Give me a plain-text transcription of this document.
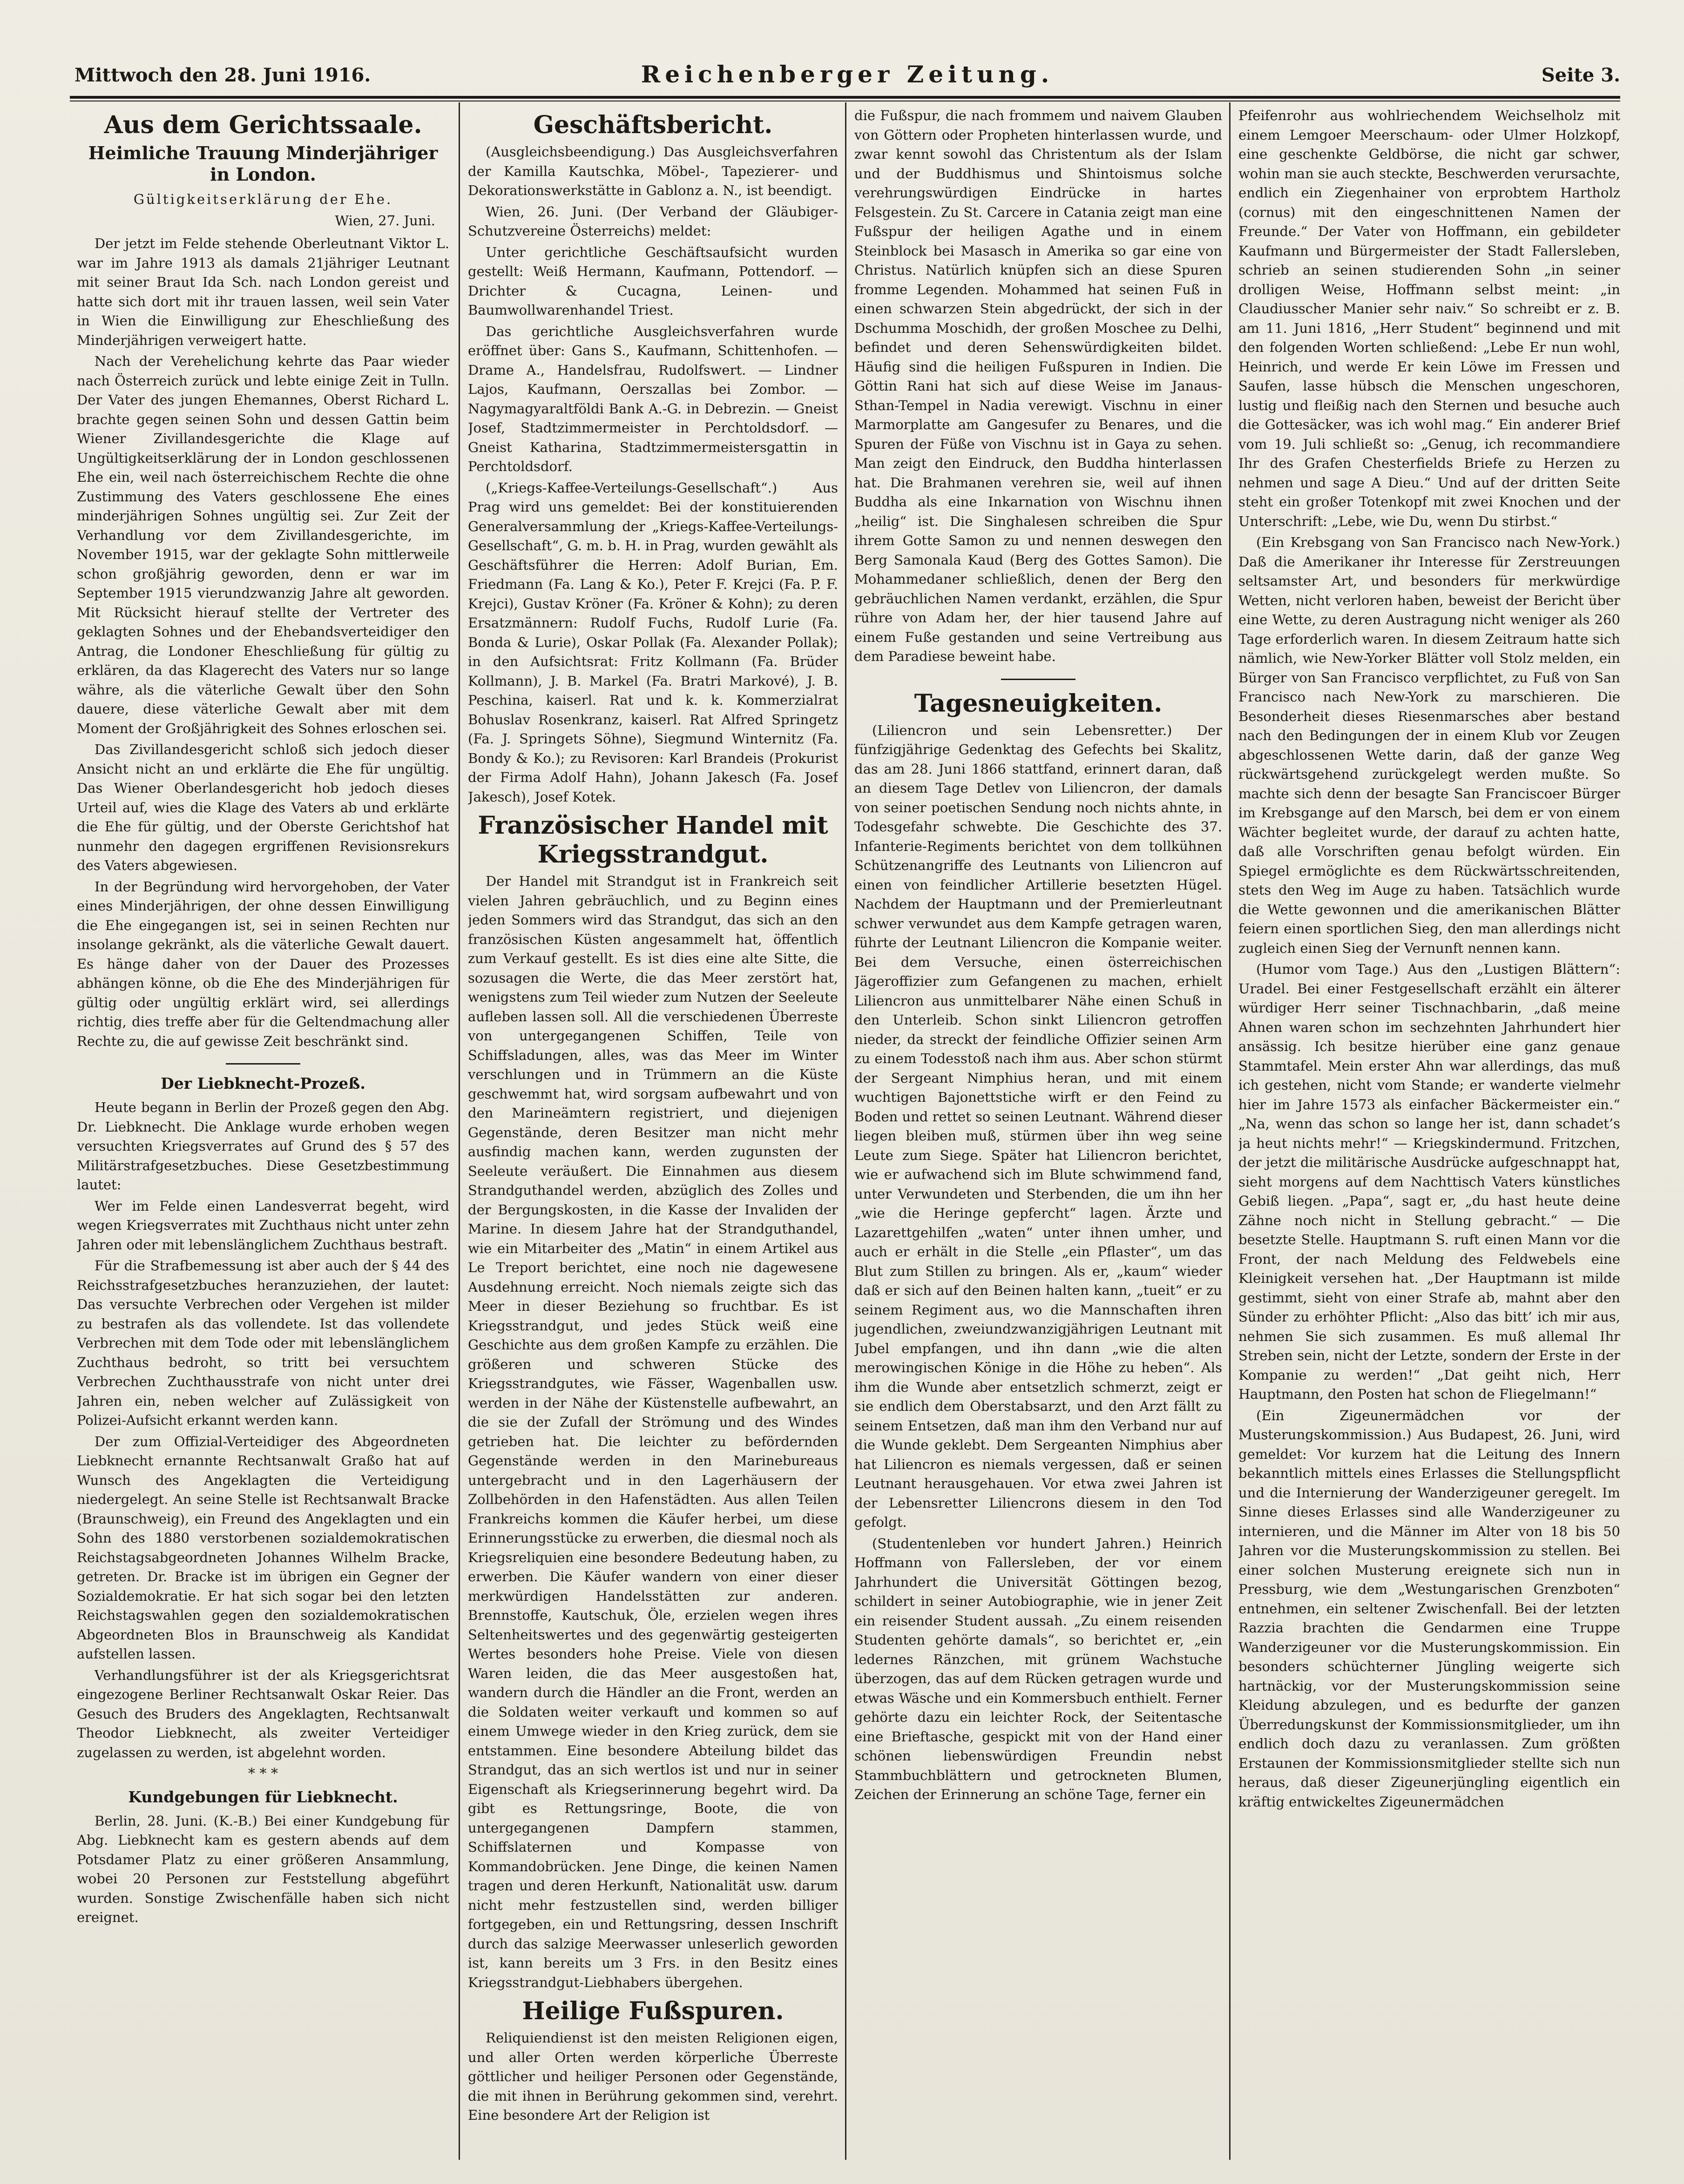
Mittwoch den 28. Juni 1916.	Reichenberger Zeitung.	Seite 3.
Aus dem Gerichtssaale.
Heimliche Trauung Minderjähriger in London.
Gültigkeitserklärung der Ehe.
Wien, 27. Juni.

Der jetzt im Felde stehende Oberleutnant Viktor L. war im Jahre 1913 als damals 21jähriger Leutnant mit seiner Braut Ida Sch. nach London gereist und hatte sich dort mit ihr trauen lassen, weil sein Vater in Wien die Einwilligung zur Eheschließung des Minderjährigen verweigert hatte.

Nach der Verehelichung kehrte das Paar wieder nach Österreich zurück und lebte einige Zeit in Tulln. Der Vater des jungen Ehemannes, Oberst Richard L. brachte gegen seinen Sohn und dessen Gattin beim Wiener Zivillandesgerichte die Klage auf Ungültigkeitserklärung der in London geschlossenen Ehe ein, weil nach österreichischem Rechte die ohne Zustimmung des Vaters geschlossene Ehe eines minderjährigen Sohnes ungültig sei. Zur Zeit der Verhandlung vor dem Zivillandesgerichte, im November 1915, war der geklagte Sohn mittlerweile schon großjährig geworden, denn er war im September 1915 vierundzwanzig Jahre alt geworden. Mit Rücksicht hierauf stellte der Vertreter des geklagten Sohnes und der Ehebandsverteidiger den Antrag, die Londoner Eheschließung für gültig zu erklären, da das Klagerecht des Vaters nur so lange währe, als die väterliche Gewalt über den Sohn dauere, diese väterliche Gewalt aber mit dem Moment der Großjährigkeit des Sohnes erloschen sei.

Das Zivillandesgericht schloß sich jedoch dieser Ansicht nicht an und erklärte die Ehe für ungültig. Das Wiener Oberlandesgericht hob jedoch dieses Urteil auf, wies die Klage des Vaters ab und erklärte die Ehe für gültig, und der Oberste Gerichtshof hat nunmehr den dagegen ergriffenen Revisionsrekurs des Vaters abgewiesen.

In der Begründung wird hervorgehoben, der Vater eines Minderjährigen, der ohne dessen Einwilligung die Ehe eingegangen ist, sei in seinen Rechten nur insolange gekränkt, als die väterliche Gewalt dauert. Es hänge daher von der Dauer des Prozesses abhängen könne, ob die Ehe des Minderjährigen für gültig oder ungültig erklärt wird, sei allerdings richtig, dies treffe aber für die Geltendmachung aller Rechte zu, die auf gewisse Zeit beschränkt sind.

Der Liebknecht-Prozeß.

Heute begann in Berlin der Prozeß gegen den Abg. Dr. Liebknecht. Die Anklage wurde erhoben wegen versuchten Kriegsverrates auf Grund des § 57 des Militärstrafgesetzbuches. Diese Gesetzbestimmung lautet:

Wer im Felde einen Landesverrat begeht, wird wegen Kriegsverrates mit Zuchthaus nicht unter zehn Jahren oder mit lebenslänglichem Zuchthaus bestraft.

Für die Strafbemessung ist aber auch der § 44 des Reichsstrafgesetzbuches heranzuziehen, der lautet: Das versuchte Verbrechen oder Vergehen ist milder zu bestrafen als das vollendete. Ist das vollendete Verbrechen mit dem Tode oder mit lebenslänglichem Zuchthaus bedroht, so tritt bei versuchtem Verbrechen Zuchthausstrafe von nicht unter drei Jahren ein, neben welcher auf Zulässigkeit von Polizei-Aufsicht erkannt werden kann.

Der zum Offizial-Verteidiger des Abgeordneten Liebknecht ernannte Rechtsanwalt Graßo hat auf Wunsch des Angeklagten die Verteidigung niedergelegt. An seine Stelle ist Rechtsanwalt Bracke (Braunschweig), ein Freund des Angeklagten und ein Sohn des 1880 verstorbenen sozialdemokratischen Reichstagsabgeordneten Johannes Wilhelm Bracke, getreten. Dr. Bracke ist im übrigen ein Gegner der Sozialdemokratie. Er hat sich sogar bei den letzten Reichstagswahlen gegen den sozialdemokratischen Abgeordneten Blos in Braunschweig als Kandidat aufstellen lassen.

Verhandlungsführer ist der als Kriegsgerichtsrat eingezogene Berliner Rechtsanwalt Oskar Reier. Das Gesuch des Bruders des Angeklagten, Rechtsanwalt Theodor Liebknecht, als zweiter Verteidiger zugelassen zu werden, ist abgelehnt worden.

* * *
Kundgebungen für Liebknecht.

Berlin, 28. Juni. (K.-B.) Bei einer Kundgebung für Abg. Liebknecht kam es gestern abends auf dem Potsdamer Platz zu einer größeren Ansammlung, wobei 20 Personen zur Feststellung abgeführt wurden. Sonstige Zwischenfälle haben sich nicht ereignet.

Geschäftsbericht.

(Ausgleichsbeendigung.) Das Ausgleichsverfahren der Kamilla Kautschka, Möbel-, Tapezierer- und Dekorationswerkstätte in Gablonz a. N., ist beendigt.

Wien, 26. Juni. (Der Verband der Gläubiger-Schutzvereine Österreichs) meldet:

Unter gerichtliche Geschäftsaufsicht wurden gestellt: Weiß Hermann, Kaufmann, Pottendorf. — Drichter & Cucagna, Leinen- und Baumwollwarenhandel Triest.

Das gerichtliche Ausgleichsverfahren wurde eröffnet über: Gans S., Kaufmann, Schittenhofen. — Drame A., Handelsfrau, Rudolfswert. — Lindner Lajos, Kaufmann, Oerszallas bei Zombor. — Nagymagyaraltföldi Bank A.-G. in Debrezin. — Gneist Josef, Stadtzimmermeister in Perchtoldsdorf. — Gneist Katharina, Stadtzimmermeistersgattin in Perchtoldsdorf.

(„Kriegs-Kaffee-Verteilungs-Gesellschaft“.) Aus Prag wird uns gemeldet: Bei der konstituierenden Generalversammlung der „Kriegs-Kaffee-Verteilungs-Gesellschaft“, G. m. b. H. in Prag, wurden gewählt als Geschäftsführer die Herren: Adolf Burian, Em. Friedmann (Fa. Lang & Ko.), Peter F. Krejci (Fa. P. F. Krejci), Gustav Kröner (Fa. Kröner & Kohn); zu deren Ersatzmännern: Rudolf Fuchs, Rudolf Lurie (Fa. Bonda & Lurie), Oskar Pollak (Fa. Alexander Pollak); in den Aufsichtsrat: Fritz Kollmann (Fa. Brüder Kollmann), J. B. Markel (Fa. Bratri Markové), J. B. Peschina, kaiserl. Rat und k. k. Kommerzialrat Bohuslav Rosenkranz, kaiserl. Rat Alfred Springetz (Fa. J. Springets Söhne), Siegmund Winternitz (Fa. Bondy & Ko.); zu Revisoren: Karl Brandeis (Prokurist der Firma Adolf Hahn), Johann Jakesch (Fa. Josef Jakesch), Josef Kotek.

Französischer Handel mit Kriegsstrandgut.

Der Handel mit Strandgut ist in Frankreich seit vielen Jahren gebräuchlich, und zu Beginn eines jeden Sommers wird das Strandgut, das sich an den französischen Küsten angesammelt hat, öffentlich zum Verkauf gestellt. Es ist dies eine alte Sitte, die sozusagen die Werte, die das Meer zerstört hat, wenigstens zum Teil wieder zum Nutzen der Seeleute aufleben lassen soll. All die verschiedenen Überreste von untergegangenen Schiffen, Teile von Schiffsladungen, alles, was das Meer im Winter verschlungen und in Trümmern an die Küste geschwemmt hat, wird sorgsam aufbewahrt und von den Marineämtern registriert, und diejenigen Gegenstände, deren Besitzer man nicht mehr ausfindig machen kann, werden zugunsten der Seeleute veräußert. Die Einnahmen aus diesem Strandguthandel werden, abzüglich des Zolles und der Bergungskosten, in die Kasse der Invaliden der Marine. In diesem Jahre hat der Strandguthandel, wie ein Mitarbeiter des „Matin“ in einem Artikel aus Le Treport berichtet, eine noch nie dagewesene Ausdehnung erreicht. Noch niemals zeigte sich das Meer in dieser Beziehung so fruchtbar. Es ist Kriegsstrandgut, und jedes Stück weiß eine Geschichte aus dem großen Kampfe zu erzählen. Die größeren und schweren Stücke des Kriegsstrandgutes, wie Fässer, Wagenballen usw. werden in der Nähe der Küstenstelle aufbewahrt, an die sie der Zufall der Strömung und des Windes getrieben hat. Die leichter zu befördernden Gegenstände werden in den Marinebureaus untergebracht und in den Lagerhäusern der Zollbehörden in den Hafenstädten. Aus allen Teilen Frankreichs kommen die Käufer herbei, um diese Erinnerungsstücke zu erwerben, die diesmal noch als Kriegsreliquien eine besondere Bedeutung haben, zu erwerben. Die Käufer wandern von einer dieser merkwürdigen Handelsstätten zur anderen. Brennstoffe, Kautschuk, Öle, erzielen wegen ihres Seltenheitswertes und des gegenwärtig gesteigerten Wertes besonders hohe Preise. Viele von diesen Waren leiden, die das Meer ausgestoßen hat, wandern durch die Händler an die Front, werden an die Soldaten weiter verkauft und kommen so auf einem Umwege wieder in den Krieg zurück, dem sie entstammen. Eine besondere Abteilung bildet das Strandgut, das an sich wertlos ist und nur in seiner Eigenschaft als Kriegserinnerung begehrt wird. Da gibt es Rettungsringe, Boote, die von untergegangenen Dampfern stammen, Schiffslaternen und Kompasse von Kommandobrücken. Jene Dinge, die keinen Namen tragen und deren Herkunft, Nationalität usw. darum nicht mehr festzustellen sind, werden billiger fortgegeben, ein und Rettungsring, dessen Inschrift durch das salzige Meerwasser unleserlich geworden ist, kann bereits um 3 Frs. in den Besitz eines Kriegsstrandgut-Liebhabers übergehen.

Heilige Fußspuren.

Reliquiendienst ist den meisten Religionen eigen, und aller Orten werden körperliche Überreste göttlicher und heiliger Personen oder Gegenstände, die mit ihnen in Berührung gekommen sind, verehrt. Eine besondere Art der Religion ist

die Fußspur, die nach frommem und naivem Glauben von Göttern oder Propheten hinterlassen wurde, und zwar kennt sowohl das Christentum als der Islam und der Buddhismus und Shintoismus solche verehrungswürdigen Eindrücke in hartes Felsgestein. Zu St. Carcere in Catania zeigt man eine Fußspur der heiligen Agathe und in einem Steinblock bei Masasch in Amerika so gar eine von Christus. Natürlich knüpfen sich an diese Spuren fromme Legenden. Mohammed hat seinen Fuß in einen schwarzen Stein abgedrückt, der sich in der Dschumma Moschidh, der großen Moschee zu Delhi, befindet und deren Sehenswürdigkeiten bildet. Häufig sind die heiligen Fußspuren in Indien. Die Göttin Rani hat sich auf diese Weise im Janaus-Sthan-Tempel in Nadia verewigt. Vischnu in einer Marmorplatte am Gangesufer zu Benares, und die Spuren der Füße von Vischnu ist in Gaya zu sehen. Man zeigt den Eindruck, den Buddha hinterlassen hat. Die Brahmanen verehren sie, weil auf ihnen Buddha als eine Inkarnation von Wischnu ihnen „heilig“ ist. Die Singhalesen schreiben die Spur ihrem Gotte Samon zu und nennen deswegen den Berg Samonala Kaud (Berg des Gottes Samon). Die Mohammedaner schließlich, denen der Berg den gebräuchlichen Namen verdankt, erzählen, die Spur rühre von Adam her, der hier tausend Jahre auf einem Fuße gestanden und seine Vertreibung aus dem Paradiese beweint habe.

Tagesneuigkeiten.

(Liliencron und sein Lebensretter.) Der fünfzigjährige Gedenktag des Gefechts bei Skalitz, das am 28. Juni 1866 stattfand, erinnert daran, daß an diesem Tage Detlev von Liliencron, der damals von seiner poetischen Sendung noch nichts ahnte, in Todesgefahr schwebte. Die Geschichte des 37. Infanterie-Regiments berichtet von dem tollkühnen Schützenangriffe des Leutnants von Liliencron auf einen von feindlicher Artillerie besetzten Hügel. Nachdem der Hauptmann und der Premierleutnant schwer verwundet aus dem Kampfe getragen waren, führte der Leutnant Liliencron die Kompanie weiter. Bei dem Versuche, einen österreichischen Jägeroffizier zum Gefangenen zu machen, erhielt Liliencron aus unmittelbarer Nähe einen Schuß in den Unterleib. Schon sinkt Liliencron getroffen nieder, da streckt der feindliche Offizier seinen Arm zu einem Todesstoß nach ihm aus. Aber schon stürmt der Sergeant Nimphius heran, und mit einem wuchtigen Bajonettstiche wirft er den Feind zu Boden und rettet so seinen Leutnant. Während dieser liegen bleiben muß, stürmen über ihn weg seine Leute zum Siege. Später hat Liliencron berichtet, wie er aufwachend sich im Blute schwimmend fand, unter Verwundeten und Sterbenden, die um ihn her „wie die Heringe gepfercht“ lagen. Ärzte und Lazarettgehilfen „waten“ unter ihnen umher, und auch er erhält in die Stelle „ein Pflaster“, um das Blut zum Stillen zu bringen. Als er, „kaum“ wieder daß er sich auf den Beinen halten kann, „tueit“ er zu seinem Regiment aus, wo die Mannschaften ihren jugendlichen, zweiundzwanzigjährigen Leutnant mit Jubel empfangen, und ihn dann „wie die alten merowingischen Könige in die Höhe zu heben“. Als ihm die Wunde aber entsetzlich schmerzt, zeigt er sie endlich dem Oberstabsarzt, und den Arzt fällt zu seinem Entsetzen, daß man ihm den Verband nur auf die Wunde geklebt. Dem Sergeanten Nimphius aber hat Liliencron es niemals vergessen, daß er seinen Leutnant herausgehauen. Vor etwa zwei Jahren ist der Lebensretter Liliencrons diesem in den Tod gefolgt.

(Studentenleben vor hundert Jahren.) Heinrich Hoffmann von Fallersleben, der vor einem Jahrhundert die Universität Göttingen bezog, schildert in seiner Autobiographie, wie in jener Zeit ein reisender Student aussah. „Zu einem reisenden Studenten gehörte damals“, so berichtet er, „ein ledernes Ränzchen, mit grünem Wachstuche überzogen, das auf dem Rücken getragen wurde und etwas Wäsche und ein Kommersbuch enthielt. Ferner gehörte dazu ein leichter Rock, der Seitentasche eine Brieftasche, gespickt mit von der Hand einer schönen liebenswürdigen Freundin nebst Stammbuchblättern und getrockneten Blumen, Zeichen der Erinnerung an schöne Tage, ferner ein

Pfeifenrohr aus wohlriechendem Weichselholz mit einem Lemgoer Meerschaum- oder Ulmer Holzkopf, eine geschenkte Geldbörse, die nicht gar schwer, wohin man sie auch steckte, Beschwerden verursachte, endlich ein Ziegenhainer von erprobtem Hartholz (cornus) mit den eingeschnittenen Namen der Freunde.“ Der Vater von Hoffmann, ein gebildeter Kaufmann und Bürgermeister der Stadt Fallersleben, schrieb an seinen studierenden Sohn „in seiner drolligen Weise, Hoffmann selbst meint: „in Claudiusscher Manier sehr naiv.“ So schreibt er z. B. am 11. Juni 1816, „Herr Student“ beginnend und mit den folgenden Worten schließend: „Lebe Er nun wohl, Heinrich, und werde Er kein Löwe im Fressen und Saufen, lasse hübsch die Menschen ungeschoren, lustig und fleißig nach den Sternen und besuche auch die Gottesäcker, was ich wohl mag.“ Ein anderer Brief vom 19. Juli schließt so: „Genug, ich recommandiere Ihr des Grafen Chesterfields Briefe zu Herzen zu nehmen und sage A Dieu.“ Und auf der dritten Seite steht ein großer Totenkopf mit zwei Knochen und der Unterschrift: „Lebe, wie Du, wenn Du stirbst.“

(Ein Krebsgang von San Francisco nach New-York.) Daß die Amerikaner ihr Interesse für Zerstreuungen seltsamster Art, und besonders für merkwürdige Wetten, nicht verloren haben, beweist der Bericht über eine Wette, zu deren Austragung nicht weniger als 260 Tage erforderlich waren. In diesem Zeitraum hatte sich nämlich, wie New-Yorker Blätter voll Stolz melden, ein Bürger von San Francisco verpflichtet, zu Fuß von San Francisco nach New-York zu marschieren. Die Besonderheit dieses Riesenmarsches aber bestand nach den Bedingungen der in einem Klub vor Zeugen abgeschlossenen Wette darin, daß der ganze Weg rückwärtsgehend zurückgelegt werden mußte. So machte sich denn der besagte San Franciscoer Bürger im Krebsgange auf den Marsch, bei dem er von einem Wächter begleitet wurde, der darauf zu achten hatte, daß alle Vorschriften genau befolgt würden. Ein Spiegel ermöglichte es dem Rückwärtsschreitenden, stets den Weg im Auge zu haben. Tatsächlich wurde die Wette gewonnen und die amerikanischen Blätter feiern einen sportlichen Sieg, den man allerdings nicht zugleich einen Sieg der Vernunft nennen kann.

(Humor vom Tage.) Aus den „Lustigen Blättern“: Uradel. Bei einer Festgesellschaft erzählt ein älterer würdiger Herr seiner Tischnachbarin, „daß meine Ahnen waren schon im sechzehnten Jahrhundert hier ansässig. Ich besitze hierüber eine ganz genaue Stammtafel. Mein erster Ahn war allerdings, das muß ich gestehen, nicht vom Stande; er wanderte vielmehr hier im Jahre 1573 als einfacher Bäckermeister ein.“ „Na, wenn das schon so lange her ist, dann schadet’s ja heut nichts mehr!“ — Kriegskindermund. Fritzchen, der jetzt die militärische Ausdrücke aufgeschnappt hat, sieht morgens auf dem Nachttisch Vaters künstliches Gebiß liegen. „Papa“, sagt er, „du hast heute deine Zähne noch nicht in Stellung gebracht.“ — Die besetzte Stelle. Hauptmann S. ruft einen Mann vor die Front, der nach Meldung des Feldwebels eine Kleinigkeit versehen hat. „Der Hauptmann ist milde gestimmt, sieht von einer Strafe ab, mahnt aber den Sünder zu erhöhter Pflicht: „Also das bitt’ ich mir aus, nehmen Sie sich zusammen. Es muß allemal Ihr Streben sein, nicht der Letzte, sondern der Erste in der Kompanie zu werden!“ „Dat geiht nich, Herr Hauptmann, den Posten hat schon de Fliegelmann!“

(Ein Zigeunermädchen vor der Musterungskommission.) Aus Budapest, 26. Juni, wird gemeldet: Vor kurzem hat die Leitung des Innern bekanntlich mittels eines Erlasses die Stellungspflicht und die Internierung der Wanderzigeuner geregelt. Im Sinne dieses Erlasses sind alle Wanderzigeuner zu internieren, und die Männer im Alter von 18 bis 50 Jahren vor die Musterungskommission zu stellen. Bei einer solchen Musterung ereignete sich nun in Pressburg, wie dem „Westungarischen Grenzboten“ entnehmen, ein seltener Zwischenfall. Bei der letzten Razzia brachten die Gendarmen eine Truppe Wanderzigeuner vor die Musterungskommission. Ein besonders schüchterner Jüngling weigerte sich hartnäckig, vor der Musterungskommission seine Kleidung abzulegen, und es bedurfte der ganzen Überredungskunst der Kommissionsmitglieder, um ihn endlich doch dazu zu veranlassen. Zum größten Erstaunen der Kommissionsmitglieder stellte sich nun heraus, daß dieser Zigeunerjüngling eigentlich ein kräftig entwickeltes Zigeunermädchen
